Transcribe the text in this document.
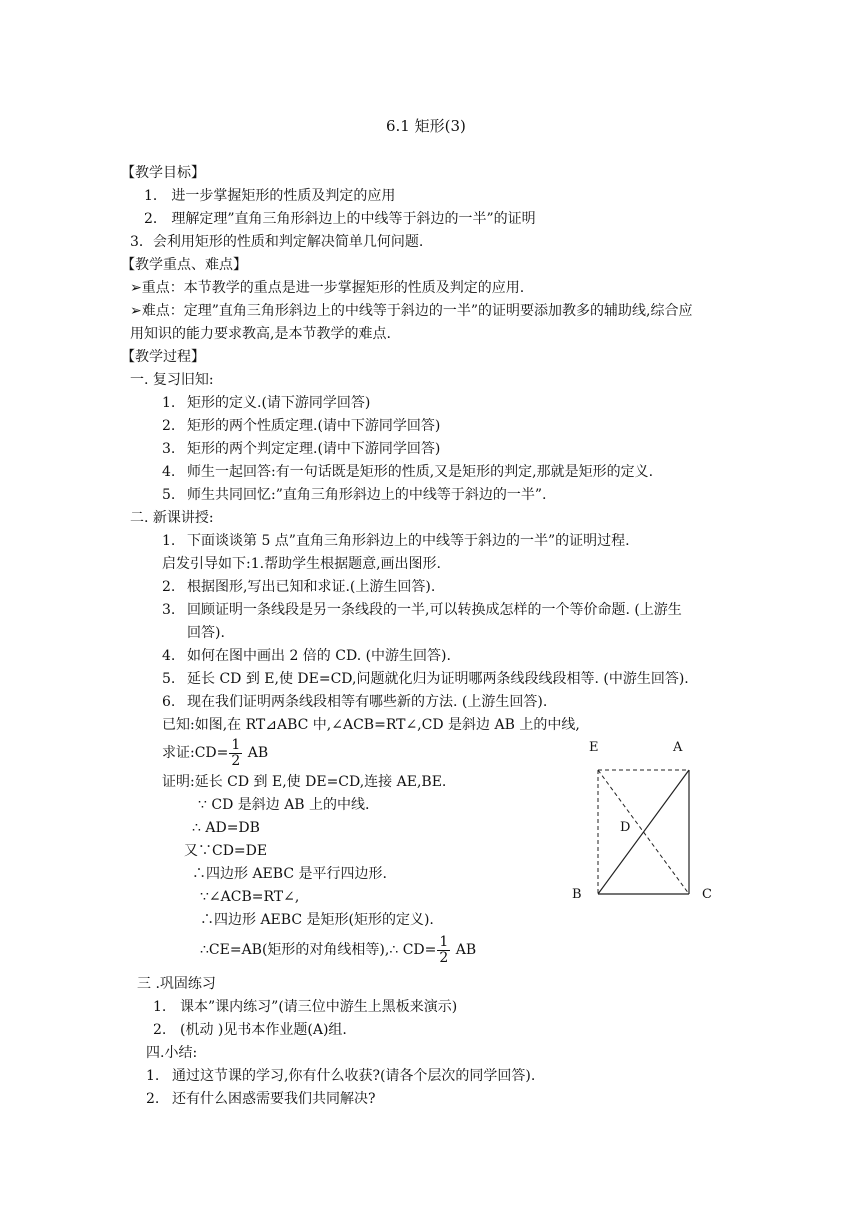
6.1 矩形(3)
【教学目标】
1． 进一步掌握矩形的性质及判定的应用
2． 理解定理”直角三角形斜边上的中线等于斜边的一半”的证明
3．会利用矩形的性质和判定解决简单几何问题.
【教学重点、难点】
➢重点：本节教学的重点是进一步掌握矩形的性质及判定的应用.
➢难点：定理”直角三角形斜边上的中线等于斜边的一半”的证明要添加教多的辅助线,综合应
用知识的能力要求教高,是本节教学的难点.
【教学过程】
一. 复习旧知:
1. 矩形的定义.(请下游同学回答)
2. 矩形的两个性质定理.(请中下游同学回答)
3. 矩形的两个判定定理.(请中下游同学回答)
4. 师生一起回答:有一句话既是矩形的性质,又是矩形的判定,那就是矩形的定义.
5. 师生共同回忆:”直角三角形斜边上的中线等于斜边的一半”.
二. 新课讲授:
1. 下面谈谈第 5 点”直角三角形斜边上的中线等于斜边的一半”的证明过程.
启发引导如下:1.帮助学生根据题意,画出图形.
2. 根据图形,写出已知和求证.(上游生回答).
3. 回顾证明一条线段是另一条线段的一半,可以转换成怎样的一个等价命题. (上游生
回答).
4. 如何在图中画出 2 倍的 CD. (中游生回答).
5. 延长 CD 到 E,使 DE=CD,问题就化归为证明哪两条线段线段相等. (中游生回答).
6. 现在我们证明两条线段相等有哪些新的方法. (上游生回答).
已知:如图,在 RT⊿ABC 中,∠ACB=RT∠,CD 是斜边 AB 上的中线,
求证:CD= $\frac{1}{2}$ AB
证明:延长 CD 到 E,使 DE=CD,连接 AE,BE.
∵ CD 是斜边 AB 上的中线.
∴ AD=DB
又∵CD=DE
∴四边形 AEBC 是平行四边形.
∵∠ACB=RT∠,
∴四边形 AEBC 是矩形(矩形的定义).
∴CE=AB(矩形的对角线相等),∴ $CD= \frac{1}{2}$ AB
三 .巩固练习
1. 课本”课内练习”(请三位中游生上黑板来演示)
2. (机动 )见书本作业题(A)组.
四.小结:
1. 通过这节课的学习,你有什么收获?(请各个层次的同学回答).
2. 还有什么困惑需要我们共同解决?
E	A
D
B	C
